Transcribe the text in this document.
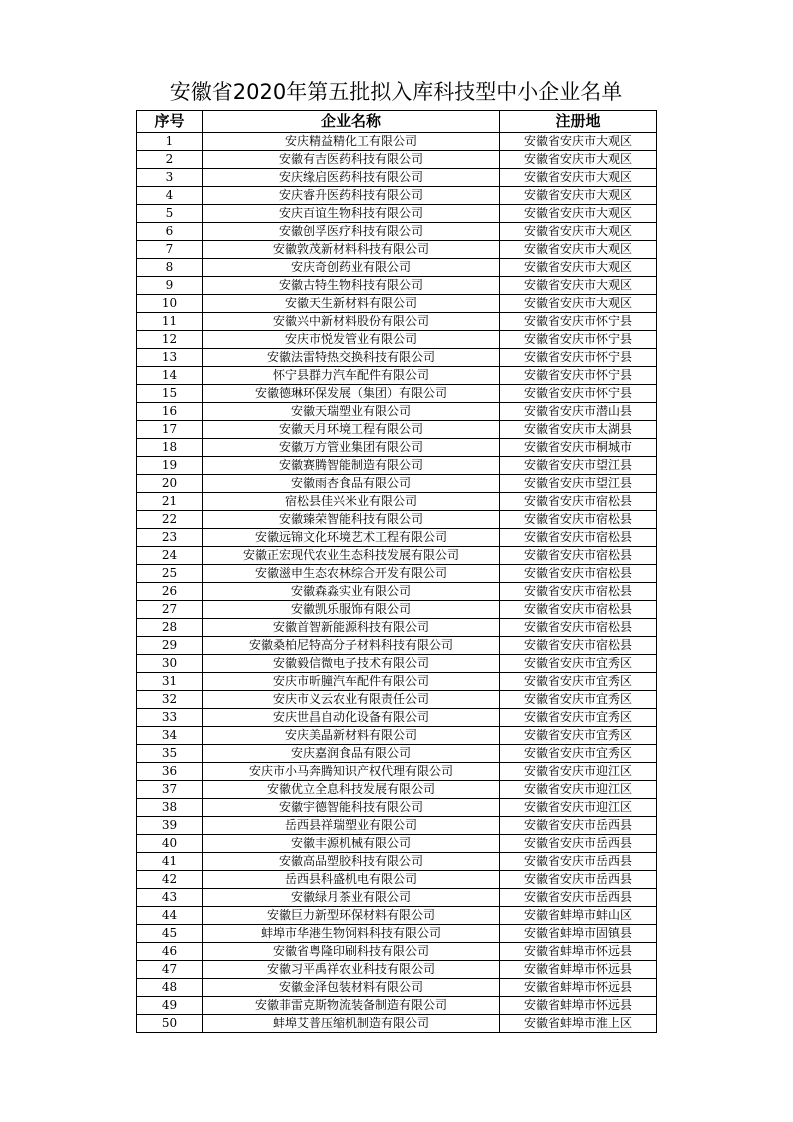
安徽省2020年第五批拟入库科技型中小企业名单
序号	企业名称	注册地
1	安庆精益精化工有限公司	安徽省安庆市大观区
2	安徽有吉医药科技有限公司	安徽省安庆市大观区
3	安庆缘启医药科技有限公司	安徽省安庆市大观区
4	安庆睿升医药科技有限公司	安徽省安庆市大观区
5	安庆百谊生物科技有限公司	安徽省安庆市大观区
6	安徽创孚医疗科技有限公司	安徽省安庆市大观区
7	安徽敦茂新材料科技有限公司	安徽省安庆市大观区
8	安庆奇创药业有限公司	安徽省安庆市大观区
9	安徽古特生物科技有限公司	安徽省安庆市大观区
10	安徽天生新材料有限公司	安徽省安庆市大观区
11	安徽兴中新材料股份有限公司	安徽省安庆市怀宁县
12	安庆市悦发管业有限公司	安徽省安庆市怀宁县
13	安徽法雷特热交换科技有限公司	安徽省安庆市怀宁县
14	怀宁县群力汽车配件有限公司	安徽省安庆市怀宁县
15	安徽德琳环保发展（集团）有限公司	安徽省安庆市怀宁县
16	安徽天瑞塑业有限公司	安徽省安庆市潜山县
17	安徽天月环境工程有限公司	安徽省安庆市太湖县
18	安徽万方管业集团有限公司	安徽省安庆市桐城市
19	安徽赛腾智能制造有限公司	安徽省安庆市望江县
20	安徽雨杏食品有限公司	安徽省安庆市望江县
21	宿松县佳兴米业有限公司	安徽省安庆市宿松县
22	安徽臻荣智能科技有限公司	安徽省安庆市宿松县
23	安徽远锦文化环境艺术工程有限公司	安徽省安庆市宿松县
24	安徽正宏现代农业生态科技发展有限公司	安徽省安庆市宿松县
25	安徽滋申生态农林综合开发有限公司	安徽省安庆市宿松县
26	安徽森淼实业有限公司	安徽省安庆市宿松县
27	安徽凯乐服饰有限公司	安徽省安庆市宿松县
28	安徽首智新能源科技有限公司	安徽省安庆市宿松县
29	安徽桑柏尼特高分子材料科技有限公司	安徽省安庆市宿松县
30	安徽毅信微电子技术有限公司	安徽省安庆市宜秀区
31	安庆市昕朣汽车配件有限公司	安徽省安庆市宜秀区
32	安庆市义云农业有限责任公司	安徽省安庆市宜秀区
33	安庆世昌自动化设备有限公司	安徽省安庆市宜秀区
34	安庆美晶新材料有限公司	安徽省安庆市宜秀区
35	安庆嘉润食品有限公司	安徽省安庆市宜秀区
36	安庆市小马奔腾知识产权代理有限公司	安徽省安庆市迎江区
37	安徽优立全息科技发展有限公司	安徽省安庆市迎江区
38	安徽宇德智能科技有限公司	安徽省安庆市迎江区
39	岳西县祥瑞塑业有限公司	安徽省安庆市岳西县
40	安徽丰源机械有限公司	安徽省安庆市岳西县
41	安徽高品塑胶科技有限公司	安徽省安庆市岳西县
42	岳西县科盛机电有限公司	安徽省安庆市岳西县
43	安徽绿月茶业有限公司	安徽省安庆市岳西县
44	安徽巨力新型环保材料有限公司	安徽省蚌埠市蚌山区
45	蚌埠市华港生物饲料科技有限公司	安徽省蚌埠市固镇县
46	安徽省粤隆印刷科技有限公司	安徽省蚌埠市怀远县
47	安徽习平禹祥农业科技有限公司	安徽省蚌埠市怀远县
48	安徽金泽包装材料有限公司	安徽省蚌埠市怀远县
49	安徽菲雷克斯物流装备制造有限公司	安徽省蚌埠市怀远县
50	蚌埠艾普压缩机制造有限公司	安徽省蚌埠市淮上区
